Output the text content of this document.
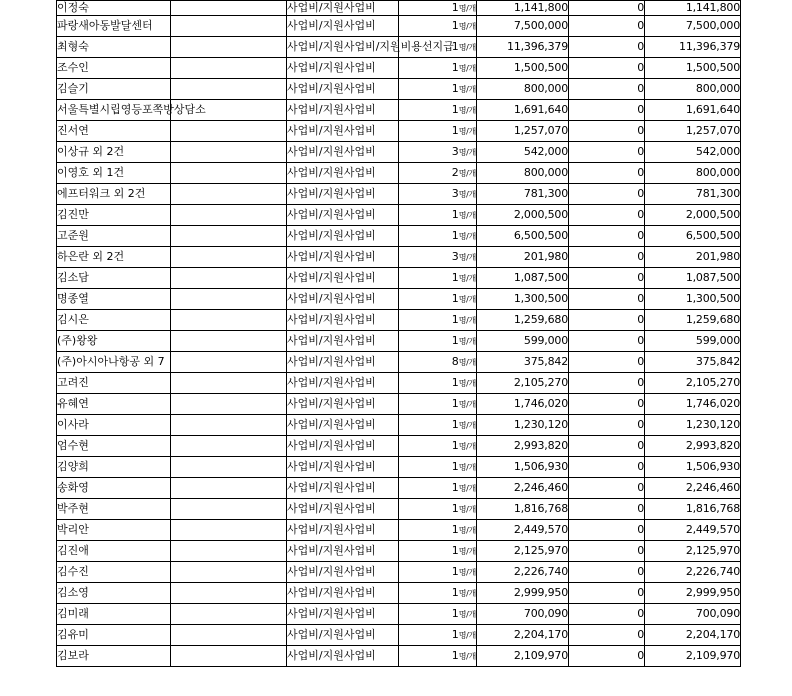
이정숙		사업비/지원사업비	1명/개	1,141,800	0	1,141,800
파랑새아동발달센터		사업비/지원사업비	1명/개	7,500,000	0	7,500,000
최형숙		사업비/지원사업비/지원비용선지급	1명/개	11,396,379	0	11,396,379
조수인		사업비/지원사업비	1명/개	1,500,500	0	1,500,500
김슬기		사업비/지원사업비	1명/개	800,000	0	800,000
서울특별시립영등포쪽방상담소		사업비/지원사업비	1명/개	1,691,640	0	1,691,640
진서연		사업비/지원사업비	1명/개	1,257,070	0	1,257,070
이상규 외 2건		사업비/지원사업비	3명/개	542,000	0	542,000
이영호 외 1건		사업비/지원사업비	2명/개	800,000	0	800,000
에프터워크 외 2건		사업비/지원사업비	3명/개	781,300	0	781,300
김진만		사업비/지원사업비	1명/개	2,000,500	0	2,000,500
고준원		사업비/지원사업비	1명/개	6,500,500	0	6,500,500
하은란 외 2건		사업비/지원사업비	3명/개	201,980	0	201,980
김소담		사업비/지원사업비	1명/개	1,087,500	0	1,087,500
명종열		사업비/지원사업비	1명/개	1,300,500	0	1,300,500
김시은		사업비/지원사업비	1명/개	1,259,680	0	1,259,680
(주)왕왕		사업비/지원사업비	1명/개	599,000	0	599,000
(주)아시아나항공 외 7		사업비/지원사업비	8명/개	375,842	0	375,842
고려진		사업비/지원사업비	1명/개	2,105,270	0	2,105,270
유혜연		사업비/지원사업비	1명/개	1,746,020	0	1,746,020
이사라		사업비/지원사업비	1명/개	1,230,120	0	1,230,120
엄수현		사업비/지원사업비	1명/개	2,993,820	0	2,993,820
김양희		사업비/지원사업비	1명/개	1,506,930	0	1,506,930
송화영		사업비/지원사업비	1명/개	2,246,460	0	2,246,460
박주현		사업비/지원사업비	1명/개	1,816,768	0	1,816,768
박리안		사업비/지원사업비	1명/개	2,449,570	0	2,449,570
김진애		사업비/지원사업비	1명/개	2,125,970	0	2,125,970
김수진		사업비/지원사업비	1명/개	2,226,740	0	2,226,740
김소영		사업비/지원사업비	1명/개	2,999,950	0	2,999,950
김미래		사업비/지원사업비	1명/개	700,090	0	700,090
김유미		사업비/지원사업비	1명/개	2,204,170	0	2,204,170
김보라		사업비/지원사업비	1명/개	2,109,970	0	2,109,970
